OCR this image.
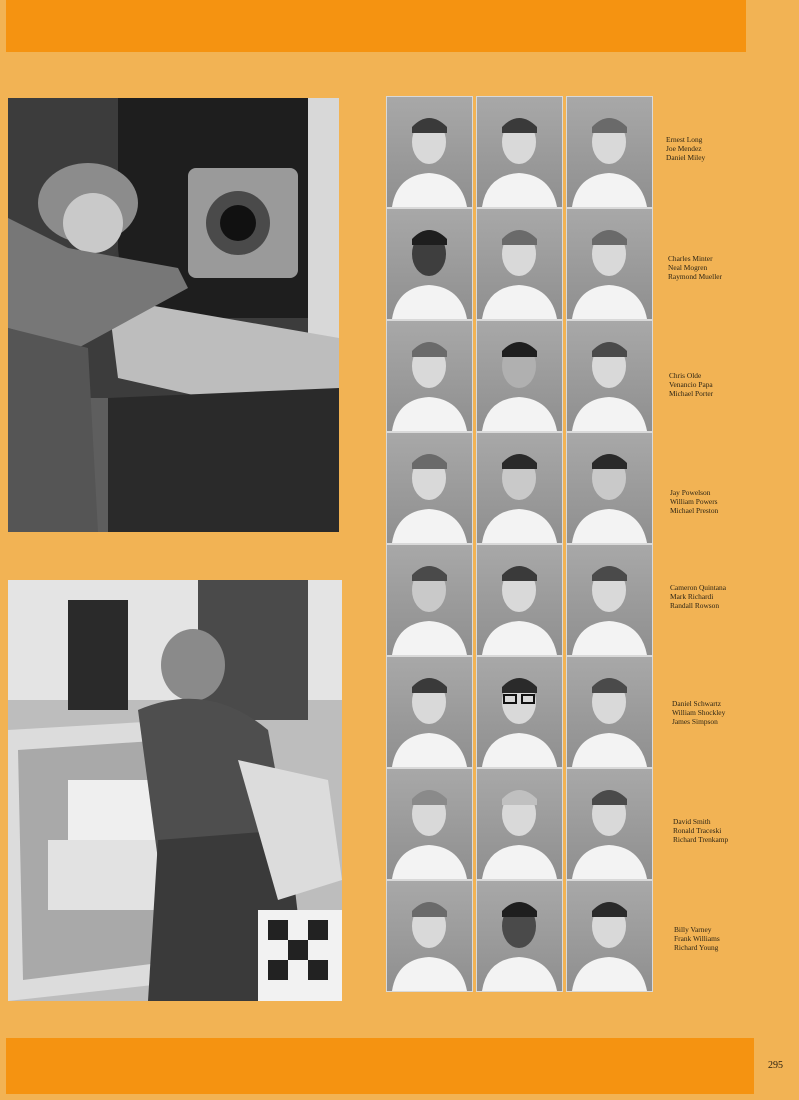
Ernest Long
Joe Mendez
Daniel Miley
Charles Minter
Neal Mogren
Raymond Mueller
Chris Olde
Venancio Papa
Michael Porter
Jay Powelson
William Powers
Michael Preston
Cameron Quintana
Mark Richardi
Randall Rowson
Daniel Schwartz
William Shockley
James Simpson
David Smith
Ronald Traceski
Richard Trenkamp
Billy Varney
Frank Williams
Richard Young
295
